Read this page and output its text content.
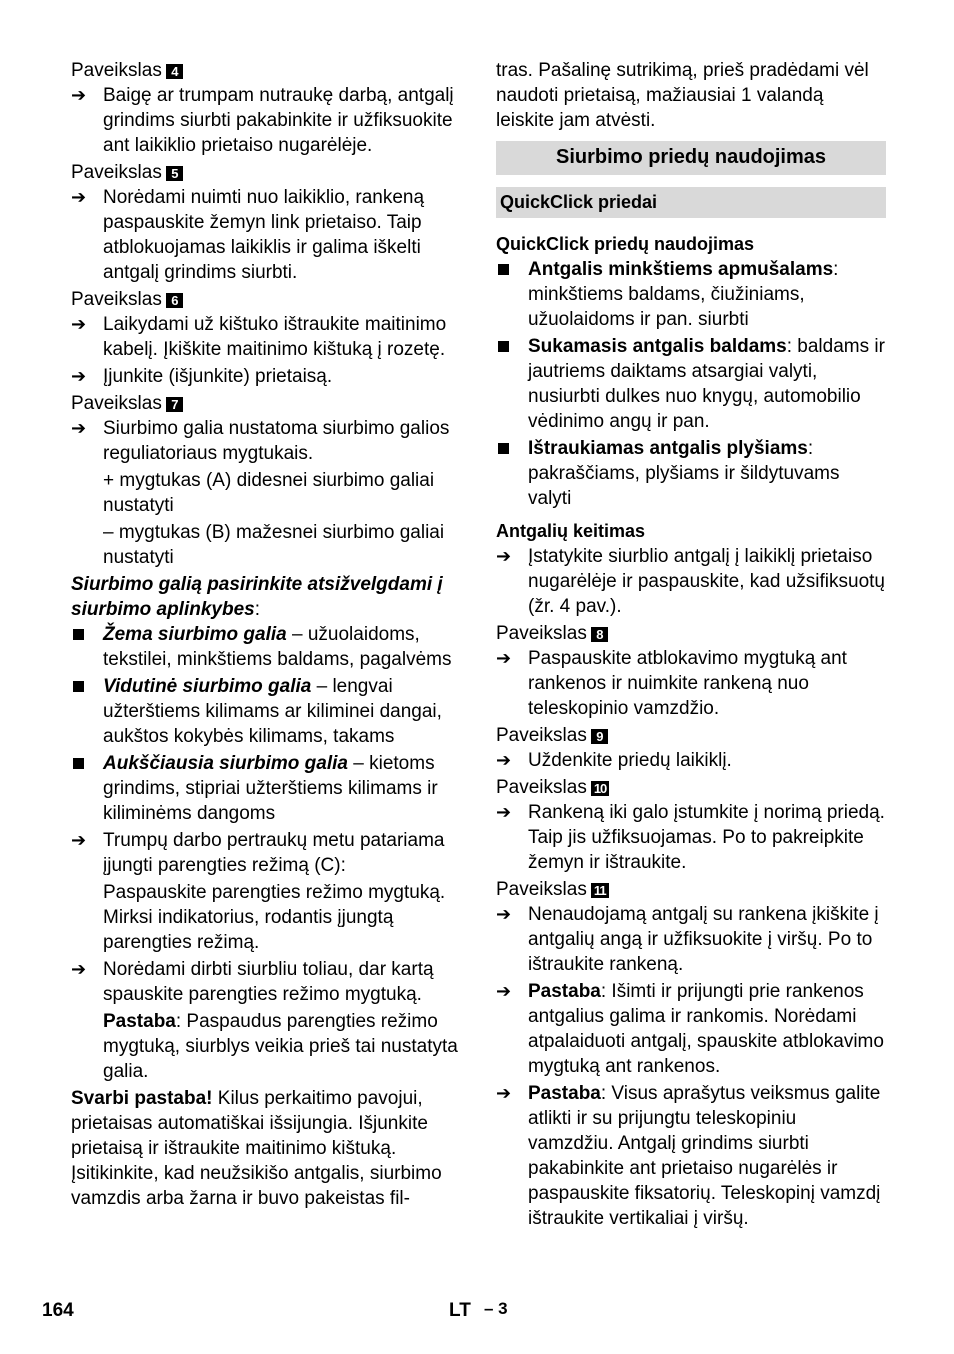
Paveikslas 4

➔ Baigę ar trumpam nutraukę darbą, antgalį grindims siurbti pakabinkite ir užfiksuokite ant laikiklio prietaiso nugarėlėje.

Paveikslas 5

➔ Norėdami nuimti nuo laikiklio, rankeną paspauskite žemyn link prietaiso. Taip atblokuojamas laikiklis ir galima iškelti antgalį grindims siurbti.

Paveikslas 6

➔ Laikydami už kištuko ištraukite maitinimo kabelį. Įkiškite maitinimo kištuką į rozetę.
➔ Įjunkite (išjunkite) prietaisą.

Paveikslas 7

➔ Siurbimo galia nustatoma siurbimo galios reguliatoriaus mygtukais.

+ mygtukas (A) didesnei siurbimo galiai nustatyti

– mygtukas (B) mažesnei siurbimo galiai nustatyti

Siurbimo galią pasirinkite atsižvelgdami į siurbimo aplinkybes:

Žema siurbimo galia – užuolaidoms, tekstilei, minkštiems baldams, pagalvėms
Vidutinė siurbimo galia – lengvai užterštiems kilimams ar kiliminei dangai, aukštos kokybės kilimams, takams
Aukščiausia siurbimo galia – kietoms grindims, stipriai užterštiems kilimams ir kiliminėms dangoms
➔ Trumpų darbo pertraukų metu patariama įjungti parengties režimą (C):

Paspauskite parengties režimo mygtuką. Mirksi indikatorius, rodantis įjungtą parengties režimą.

➔ Norėdami dirbti siurbliu toliau, dar kartą spauskite parengties režimo mygtuką.

Pastaba: Paspaudus parengties režimo mygtuką, siurblys veikia prieš tai nustatyta galia.

Svarbi pastaba! Kilus perkaitimo pavojui, prietaisas automatiškai išsijungia. Išjunkite prietaisą ir ištraukite maitinimo kištuką. Įsitikinkite, kad neužsikišo antgalis, siurbimo vamzdis arba žarna ir buvo pakeistas fil-

tras. Pašalinę sutrikimą, prieš pradėdami vėl naudoti prietaisą, mažiausiai 1 valandą leiskite jam atvėsti.

Siurbimo priedų naudojimas
QuickClick priedai

QuickClick priedų naudojimas

Antgalis minkštiems apmušalams: minkštiems baldams, čiužiniams, užuolaidoms ir pan. siurbti
Sukamasis antgalis baldams: baldams ir jautriems daiktams atsargiai valyti, nusiurbti dulkes nuo knygų, automobilio vėdinimo angų ir pan.
Ištraukiamas antgalis plyšiams: pakraščiams, plyšiams ir šildytuvams valyti

Antgalių keitimas

➔ Įstatykite siurblio antgalį į laikiklį prietaiso nugarėlėje ir paspauskite, kad užsifiksuotų (žr. 4 pav.).

Paveikslas 8

➔ Paspauskite atblokavimo mygtuką ant rankenos ir nuimkite rankeną nuo teleskopinio vamzdžio.

Paveikslas 9

➔ Uždenkite priedų laikiklį.

Paveikslas 10

➔ Rankeną iki galo įstumkite į norimą priedą. Taip jis užfiksuojamas. Po to pakreipkite žemyn ir ištraukite.

Paveikslas 11

➔ Nenaudojamą antgalį su rankena įkiškite į antgalių angą ir užfiksuokite į viršų. Po to ištraukite rankeną.
➔ Pastaba: Išimti ir prijungti prie rankenos antgalius galima ir rankomis. Norėdami atpalaiduoti antgalį, spauskite atblokavimo mygtuką ant rankenos.
➔ Pastaba: Visus aprašytus veiksmus galite atlikti ir su prijungtu teleskopiniu vamzdžiu. Antgalį grindims siurbti pakabinkite ant prietaiso nugarėlės ir paspauskite fiksatorių. Teleskopinį vamzdį ištraukite vertikaliai į viršų.
164	LT – 3
